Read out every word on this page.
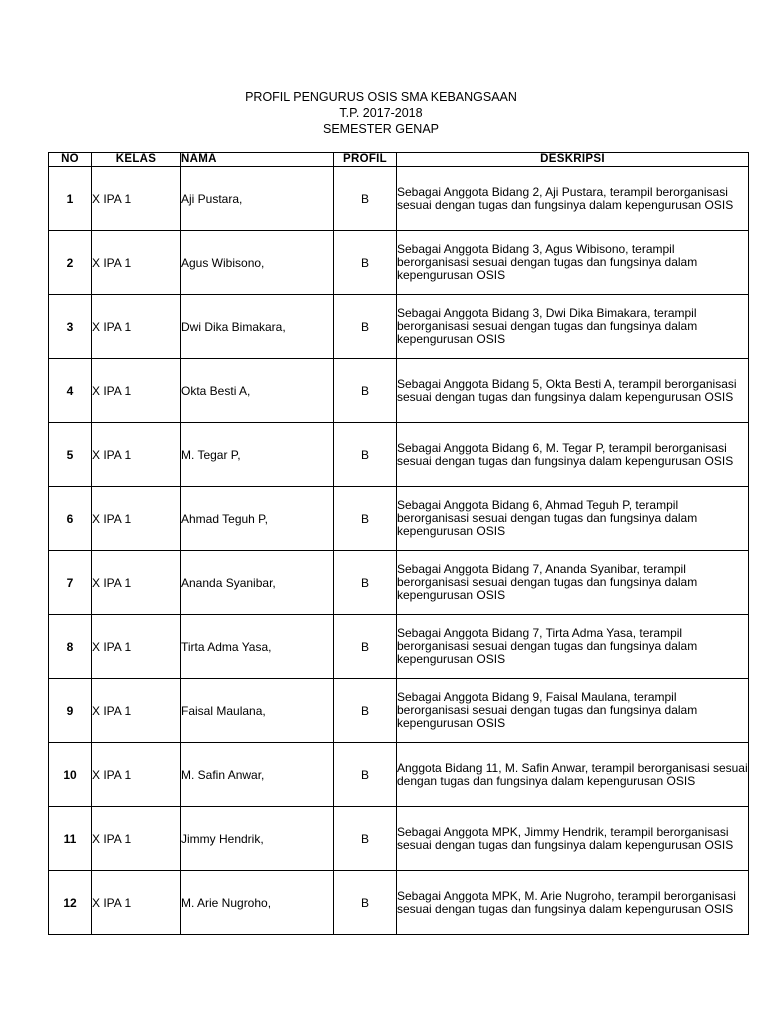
PROFIL PENGURUS OSIS SMA KEBANGSAAN
T.P. 2017-2018
SEMESTER GENAP
NO	KELAS	NAMA	PROFIL	DESKRIPSI
1	X IPA 1	Aji Pustara,	B	Sebagai Anggota Bidang 2, Aji Pustara, terampil berorganisasi sesuai dengan tugas dan fungsinya dalam kepengurusan OSIS
2	X IPA 1	Agus Wibisono,	B	Sebagai Anggota Bidang 3, Agus Wibisono, terampil berorganisasi sesuai dengan tugas dan fungsinya dalam kepengurusan OSIS
3	X IPA 1	Dwi Dika Bimakara,	B	Sebagai Anggota Bidang 3, Dwi Dika Bimakara, terampil berorganisasi sesuai dengan tugas dan fungsinya dalam kepengurusan OSIS
4	X IPA 1	Okta Besti A,	B	Sebagai Anggota Bidang 5, Okta Besti A, terampil berorganisasi sesuai dengan tugas dan fungsinya dalam kepengurusan OSIS
5	X IPA 1	M. Tegar P,	B	Sebagai Anggota Bidang 6, M. Tegar P, terampil berorganisasi sesuai dengan tugas dan fungsinya dalam kepengurusan OSIS
6	X IPA 1	Ahmad Teguh P,	B	Sebagai Anggota Bidang 6, Ahmad Teguh P, terampil berorganisasi sesuai dengan tugas dan fungsinya dalam kepengurusan OSIS
7	X IPA 1	Ananda Syanibar,	B	Sebagai Anggota Bidang 7, Ananda Syanibar, terampil berorganisasi sesuai dengan tugas dan fungsinya dalam kepengurusan OSIS
8	X IPA 1	Tirta Adma Yasa,	B	Sebagai Anggota Bidang 7, Tirta Adma Yasa, terampil berorganisasi sesuai dengan tugas dan fungsinya dalam kepengurusan OSIS
9	X IPA 1	Faisal Maulana,	B	Sebagai Anggota Bidang 9, Faisal Maulana, terampil berorganisasi sesuai dengan tugas dan fungsinya dalam kepengurusan OSIS
10	X IPA 1	M. Safin Anwar,	B	Anggota Bidang 11, M. Safin Anwar, terampil berorganisasi sesuai dengan tugas dan fungsinya dalam kepengurusan OSIS
11	X IPA 1	Jimmy Hendrik,	B	Sebagai Anggota MPK, Jimmy Hendrik, terampil berorganisasi sesuai dengan tugas dan fungsinya dalam kepengurusan OSIS
12	X IPA 1	M. Arie Nugroho,	B	Sebagai Anggota MPK, M. Arie Nugroho, terampil berorganisasi sesuai dengan tugas dan fungsinya dalam kepengurusan OSIS
